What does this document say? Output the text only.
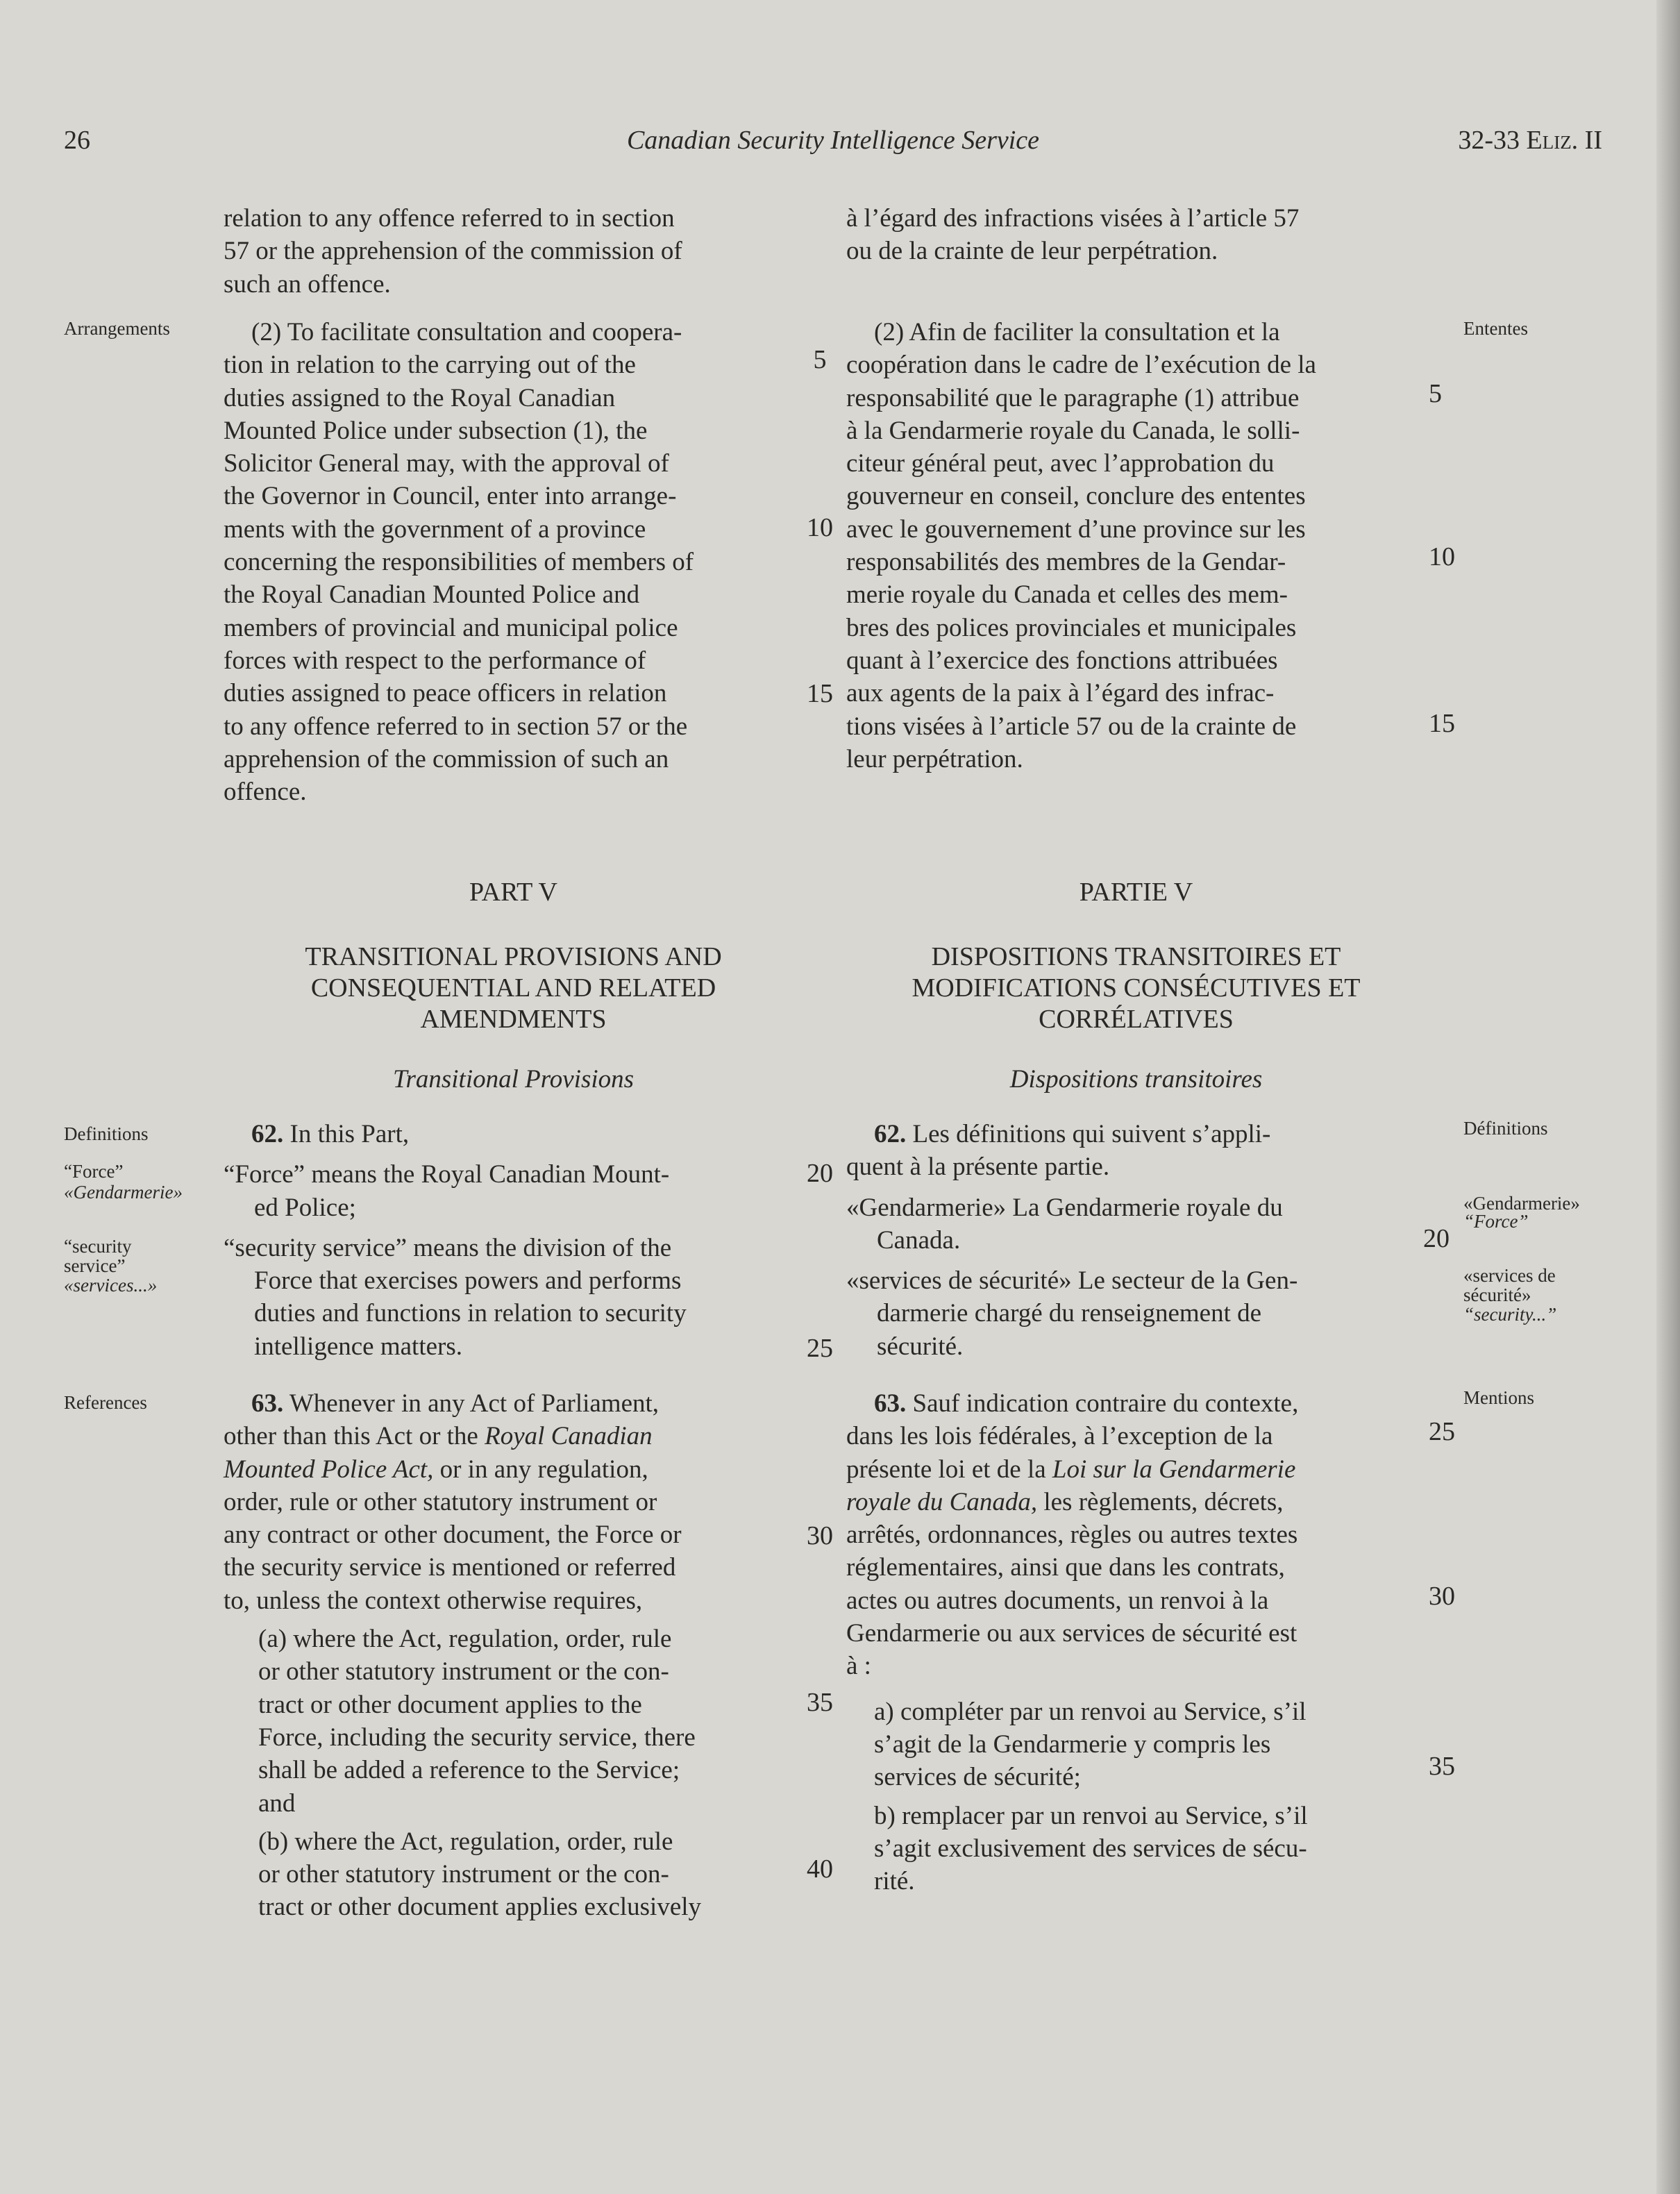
26	Canadian Security Intelligence Service	32-33 Eliz. II
Arrangements
Definitions
“Force”
«Gendarmerie»
“security
service”
«services...»
References
Ententes
Définitions
«Gendarmerie»
“Force”
«services de
sécurité»
“security...”
Mentions
5
10
15
20
25
30
35
40
5
10
15
20
25
30
35

relation to any offence referred to in section

57 or the apprehension of the commission of

such an offence.

(2) To facilitate consultation and coopera-

tion in relation to the carrying out of the

duties assigned to the Royal Canadian

Mounted Police under subsection (1), the

Solicitor General may, with the approval of

the Governor in Council, enter into arrange-

ments with the government of a province

concerning the responsibilities of members of

the Royal Canadian Mounted Police and

members of provincial and municipal police

forces with respect to the performance of

duties assigned to peace officers in relation

to any offence referred to in section 57 or the

apprehension of the commission of such an

offence.

PART V
TRANSITIONAL PROVISIONS AND
CONSEQUENTIAL AND RELATED
AMENDMENTS
Transitional Provisions

62. In this Part,

“Force” means the Royal Canadian Mount-

ed Police;

“security service” means the division of the

Force that exercises powers and performs

duties and functions in relation to security

intelligence matters.

63. Whenever in any Act of Parliament,

other than this Act or the Royal Canadian

Mounted Police Act, or in any regulation,

order, rule or other statutory instrument or

any contract or other document, the Force or

the security service is mentioned or referred

to, unless the context otherwise requires,

(a) where the Act, regulation, order, rule

or other statutory instrument or the con-

tract or other document applies to the

Force, including the security service, there

shall be added a reference to the Service;

and

(b) where the Act, regulation, order, rule

or other statutory instrument or the con-

tract or other document applies exclusively

à l’égard des infractions visées à l’article 57

ou de la crainte de leur perpétration.

(2) Afin de faciliter la consultation et la

coopération dans le cadre de l’exécution de la

responsabilité que le paragraphe (1) attribue

à la Gendarmerie royale du Canada, le solli-

citeur général peut, avec l’approbation du

gouverneur en conseil, conclure des ententes

avec le gouvernement d’une province sur les

responsabilités des membres de la Gendar-

merie royale du Canada et celles des mem-

bres des polices provinciales et municipales

quant à l’exercice des fonctions attribuées

aux agents de la paix à l’égard des infrac-

tions visées à l’article 57 ou de la crainte de

leur perpétration.

PARTIE V
DISPOSITIONS TRANSITOIRES ET
MODIFICATIONS CONSÉCUTIVES ET
CORRÉLATIVES
Dispositions transitoires

62. Les définitions qui suivent s’appli-

quent à la présente partie.

«Gendarmerie» La Gendarmerie royale du

Canada.

«services de sécurité» Le secteur de la Gen-

darmerie chargé du renseignement de

sécurité.

63. Sauf indication contraire du contexte,

dans les lois fédérales, à l’exception de la

présente loi et de la Loi sur la Gendarmerie

royale du Canada, les règlements, décrets,

arrêtés, ordonnances, règles ou autres textes

réglementaires, ainsi que dans les contrats,

actes ou autres documents, un renvoi à la

Gendarmerie ou aux services de sécurité est

à :

a) compléter par un renvoi au Service, s’il

s’agit de la Gendarmerie y compris les

services de sécurité;

b) remplacer par un renvoi au Service, s’il

s’agit exclusivement des services de sécu-

rité.
